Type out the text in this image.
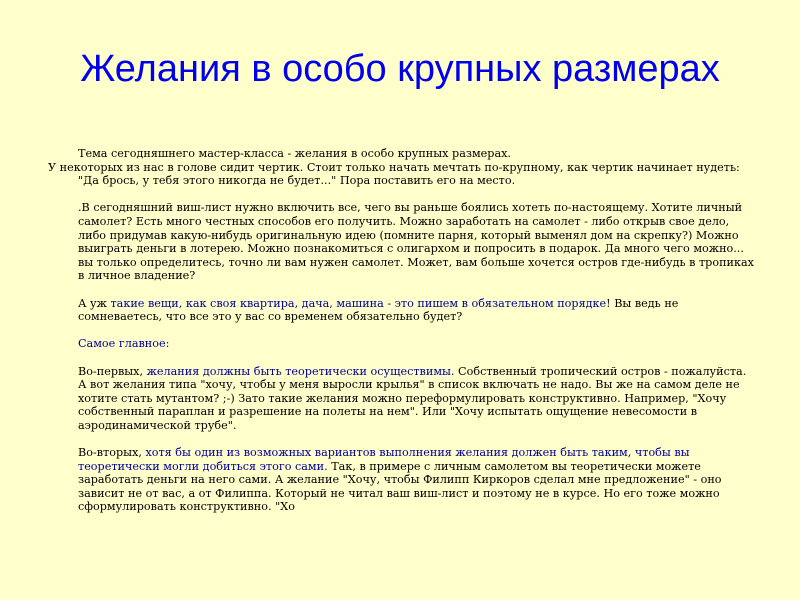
Желания в особо крупных размерах

Тема сегодняшнего мастер-класса - желания в особо крупных размерах.

У некоторых из нас в голове сидит чертик. Стоит только начать мечтать по-крупному, как чертик начинает нудеть: "Да брось, у тебя этого никогда не будет..." Пора поставить его на место.

.В сегодняшний виш-лист нужно включить все, чего вы раньше боялись хотеть по-настоящему. Хотите личный самолет? Есть много честных способов его получить. Можно заработать на самолет - либо открыв свое дело, либо придумав какую-нибудь оригинальную идею (помните парня, который выменял дом на скрепку?) Можно выиграть деньги в лотерею. Можно познакомиться с олигархом и попросить в подарок. Да много чего можно... вы только определитесь, точно ли вам нужен самолет. Может, вам больше хочется остров где-нибудь в тропиках в личное владение?

А уж такие вещи, как своя квартира, дача, машина - это пишем в обязательном порядке! Вы ведь не сомневаетесь, что все это у вас со временем обязательно будет?

Самое главное:

Во-первых, желания должны быть теоретически осуществимы. Собственный тропический остров - пожалуйста. А вот желания типа "хочу, чтобы у меня выросли крылья" в список включать не надо. Вы же на самом деле не хотите стать мутантом? ;-) Зато такие желания можно переформулировать конструктивно. Например, "Хочу собственный параплан и разрешение на полеты на нем". Или "Хочу испытать ощущение невесомости в аэродинамической трубе".

Во-вторых, хотя бы один из возможных вариантов выполнения желания должен быть таким, чтобы вы теоретически могли добиться этого сами. Так, в примере с личным самолетом вы теоретически можете заработать деньги на него сами. А желание "Хочу, чтобы Филипп Киркоров сделал мне предложение" - оно зависит не от вас, а от Филиппа. Который не читал ваш виш-лист и поэтому не в курсе. Но его тоже можно сформулировать конструктивно. "Хо
